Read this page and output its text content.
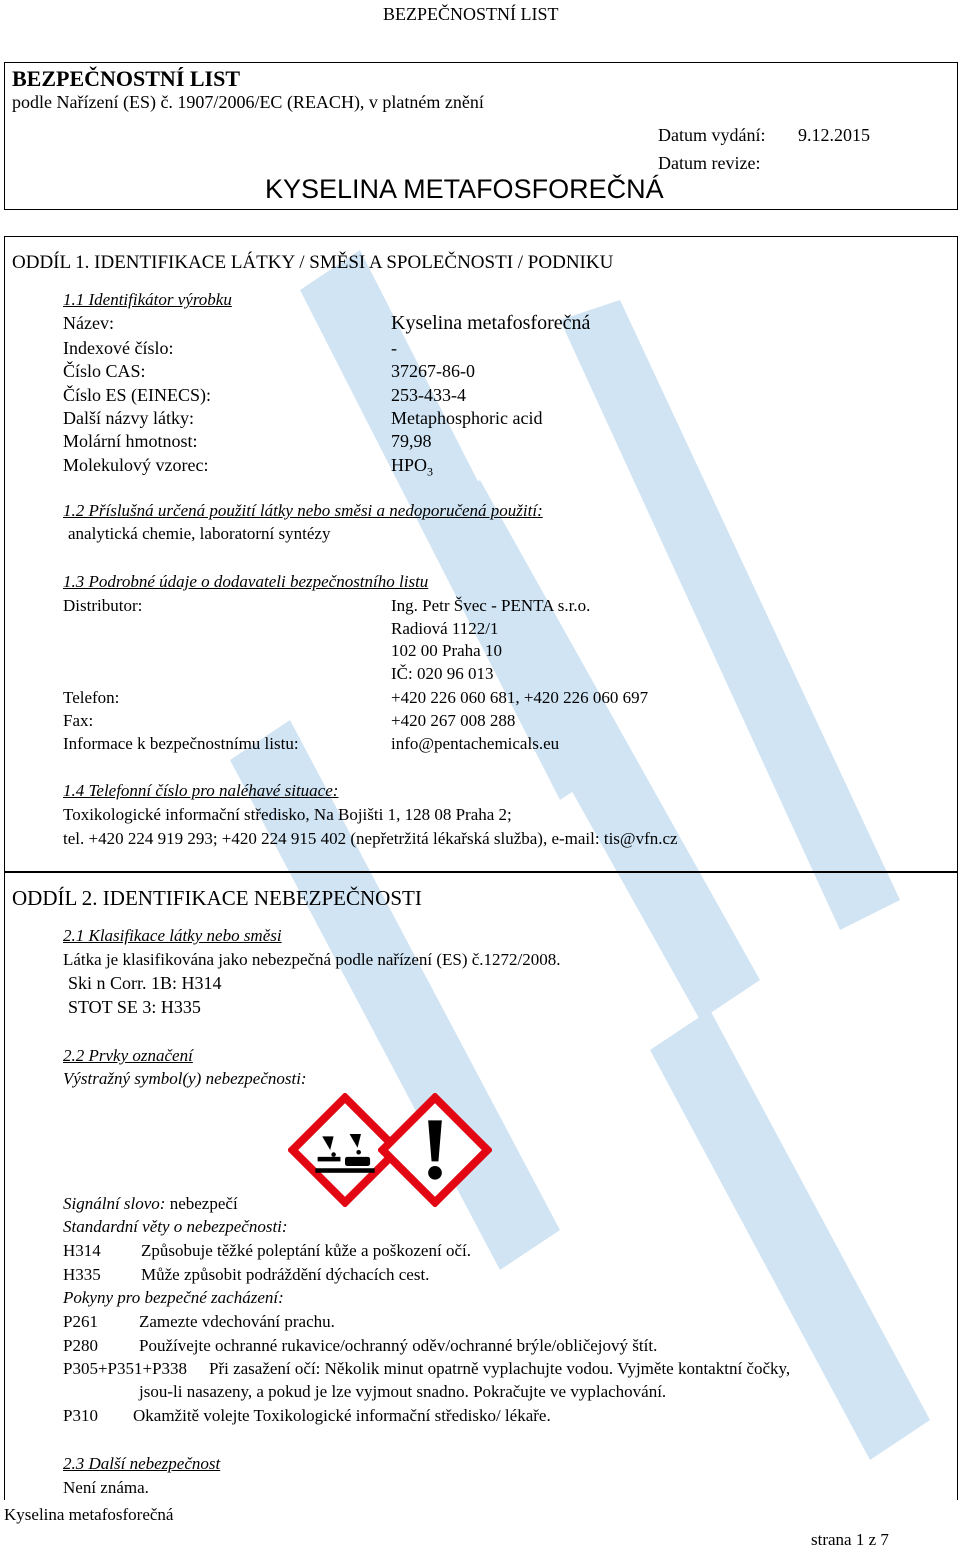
BEZPEČNOSTNÍ LIST
BEZPEČNOSTNÍ LIST
podle Nařízení (ES) č. 1907/2006/EC (REACH), v platném znění
Datum vydání: 9.12.2015
Datum revize:
KYSELINA METAFOSFOREČNÁ
ODDÍL 1. IDENTIFIKACE LÁTKY / SMĚSI A SPOLEČNOSTI / PODNIKU
1.1 Identifikátor výrobku
Název:	Kyselina metafosforečná
Indexové číslo:	-
Číslo CAS:	37267-86-0
Číslo ES (EINECS):	253-433-4
Další názvy látky:	Metaphosphoric acid
Molární hmotnost:	79,98
Molekulový vzorec:	$HPO_3$
1.2 Příslušná určená použití látky nebo směsi a nedoporučená použití:
analytická chemie, laboratorní syntézy
1.3 Podrobné údaje o dodavateli bezpečnostního listu
Distributor:	Ing. Petr Švec - PENTA s.r.o.
Radiová 1122/1
102 00 Praha 10
IČ: 020 96 013
Telefon:	+420 226 060 681, +420 226 060 697
Fax:	+420 267 008 288
Informace k bezpečnostnímu listu:	info@pentachemicals.eu
1.4 Telefonní číslo pro naléhavé situace:
Toxikologické informační středisko, Na Bojišti 1, 128 08 Praha 2;
tel. +420 224 919 293; +420 224 915 402 (nepřetržitá lékařská služba), e-mail: tis@vfn.cz
ODDÍL 2. IDENTIFIKACE NEBEZPEČNOSTI
2.1 Klasifikace látky nebo směsi
Látka je klasifikována jako nebezpečná podle nařízení (ES) č.1272/2008.
Ski n Corr. 1B: H314
STOT SE 3: H335
2.2 Prvky označení
Výstražný symbol(y) nebezpečnosti:
Signální slovo: nebezpečí
Standardní věty o nebezpečnosti:
H314 Způsobuje těžké poleptání kůže a poškození očí.
H335 Může způsobit podráždění dýchacích cest.
Pokyny pro bezpečné zacházení:
P261 Zamezte vdechování prachu.
P280 Používejte ochranné rukavice/ochranný oděv/ochranné brýle/obličejový štít.
P305+P351+P338 Při zasažení očí: Několik minut opatrně vyplachujte vodou. Vyjměte kontaktní čočky,
jsou-li nasazeny, a pokud je lze vyjmout snadno. Pokračujte ve vyplachování.
P310 Okamžitě volejte Toxikologické informační středisko/ lékaře.
2.3 Další nebezpečnost
Není známa.
Kyselina metafosforečná
strana 1 z 7
